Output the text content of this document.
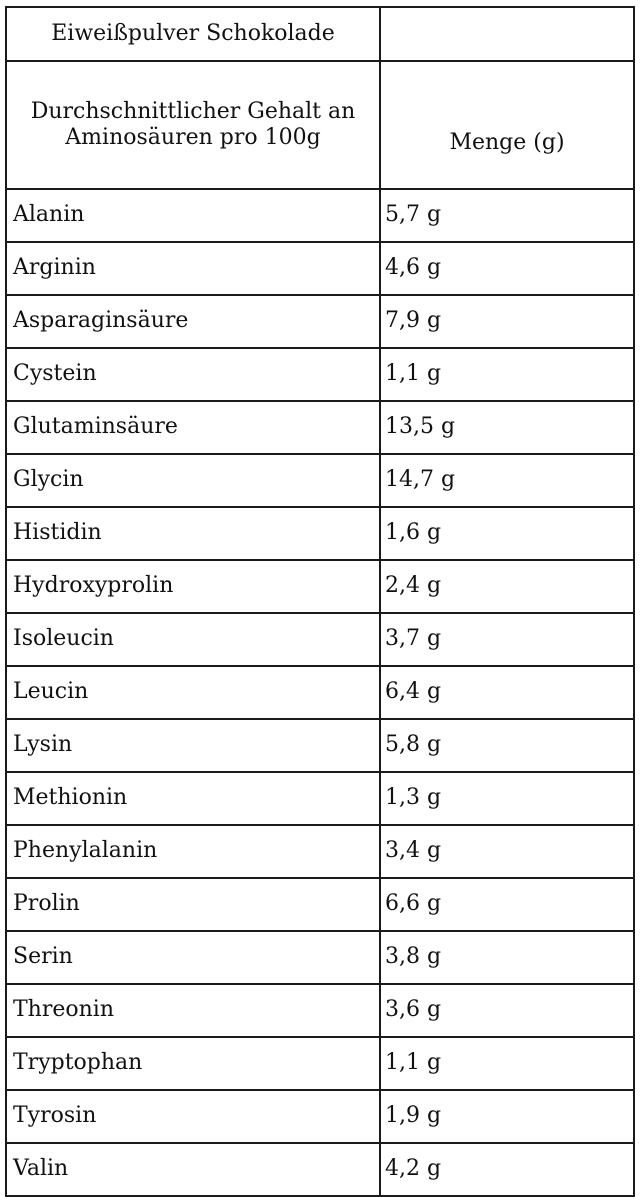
Eiweißpulver Schokolade	
Durchschnittlicher Gehalt an Aminosäuren pro 100g	Menge (g)
Alanin	5,7 g
Arginin	4,6 g
Asparaginsäure	7,9 g
Cystein	1,1 g
Glutaminsäure	13,5 g
Glycin	14,7 g
Histidin	1,6 g
Hydroxyprolin	2,4 g
Isoleucin	3,7 g
Leucin	6,4 g
Lysin	5,8 g
Methionin	1,3 g
Phenylalanin	3,4 g
Prolin	6,6 g
Serin	3,8 g
Threonin	3,6 g
Tryptophan	1,1 g
Tyrosin	1,9 g
Valin	4,2 g
